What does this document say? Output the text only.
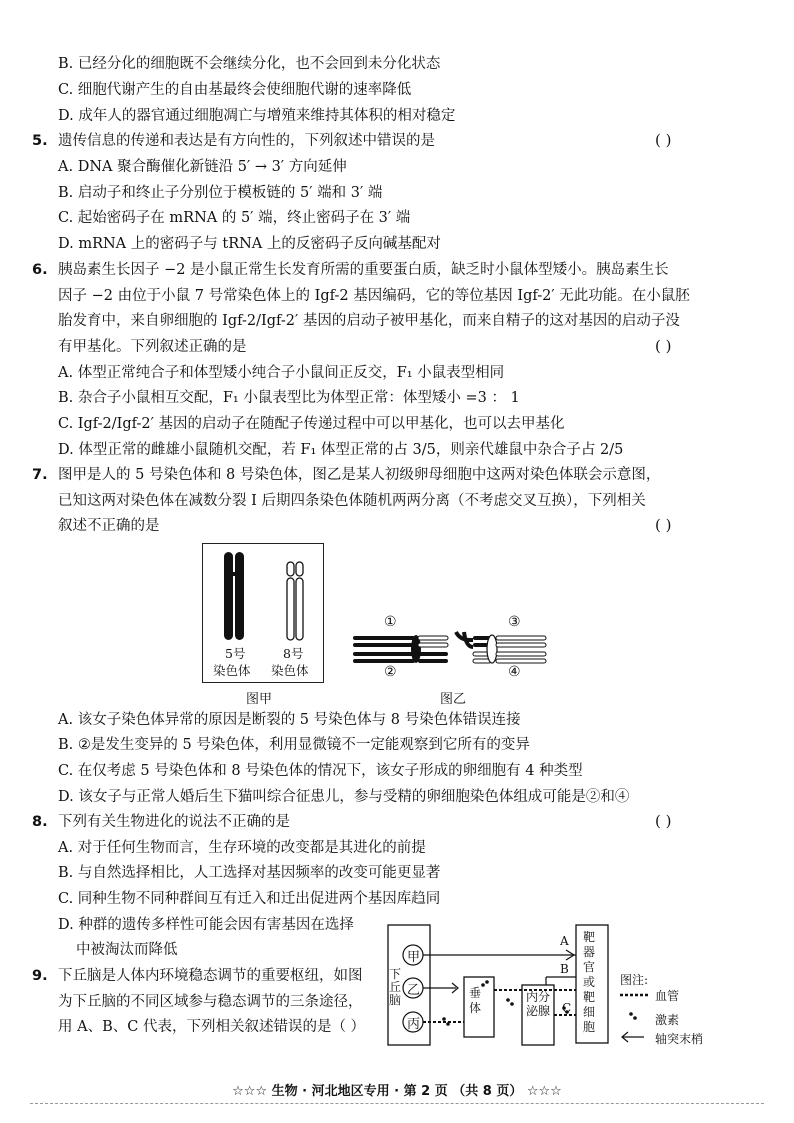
B. 已经分化的细胞既不会继续分化，也不会回到未分化状态
C. 细胞代谢产生的自由基最终会使细胞代谢的速率降低
D. 成年人的器官通过细胞凋亡与增殖来维持其体积的相对稳定
5. 遗传信息的传递和表达是有方向性的，下列叙述中错误的是	( )
A. DNA 聚合酶催化新链沿 5′ → 3′ 方向延伸
B. 启动子和终止子分别位于模板链的 5′ 端和 3′ 端
C. 起始密码子在 mRNA 的 5′ 端，终止密码子在 3′ 端
D. mRNA 上的密码子与 tRNA 上的反密码子反向碱基配对
6. 胰岛素生长因子 −2 是小鼠正常生长发育所需的重要蛋白质，缺乏时小鼠体型矮小。胰岛素生长
因子 −2 由位于小鼠 7 号常染色体上的 Igf-2 基因编码，它的等位基因 Igf-2′ 无此功能。在小鼠胚
胎发育中，来自卵细胞的 Igf-2/Igf-2′ 基因的启动子被甲基化，而来自精子的这对基因的启动子没
有甲基化。下列叙述正确的是	( )
A. 体型正常纯合子和体型矮小纯合子小鼠间正反交，F₁ 小鼠表型相同
B. 杂合子小鼠相互交配，F₁ 小鼠表型比为体型正常：体型矮小 =3 ： 1
C. Igf-2/Igf-2′ 基因的启动子在随配子传递过程中可以甲基化，也可以去甲基化
D. 体型正常的雌雄小鼠随机交配，若 F₁ 体型正常的占 3/5，则亲代雄鼠中杂合子占 2/5
7. 图甲是人的 5 号染色体和 8 号染色体，图乙是某人初级卵母细胞中这两对染色体联会示意图，
已知这两对染色体在减数分裂 Ⅰ 后期四条染色体随机两两分离（不考虑交叉互换），下列相关
叙述不正确的是	( )
5号
染色体
8号
染色体
图甲
①
②
③
④
图乙
A. 该女子染色体异常的原因是断裂的 5 号染色体与 8 号染色体错误连接
B. ②是发生变异的 5 号染色体，利用显微镜不一定能观察到它所有的变异
C. 在仅考虑 5 号染色体和 8 号染色体的情况下，该女子形成的卵细胞有 4 种类型
D. 该女子与正常人婚后生下猫叫综合征患儿，参与受精的卵细胞染色体组成可能是②和④
8. 下列有关生物进化的说法不正确的是	( )
A. 对于任何生物而言，生存环境的改变都是其进化的前提
B. 与自然选择相比，人工选择对基因频率的改变可能更显著
C. 同种生物不同种群间互有迁入和迁出促进两个基因库趋同
D. 种群的遗传多样性可能会因有害基因在选择
中被淘汰而降低
9. 下丘脑是人体内环境稳态调节的重要枢纽，如图
为下丘脑的不同区域参与稳态调节的三条途径，
用 A、B、C 代表，下列相关叙述错误的是（ ）
甲
乙
丙
下丘脑	垂体
内分泌腺
靶器官或靶细胞
A
B
C
图注:
血管
激素
轴突末梢
☆☆☆ 生物 · 河北地区专用 · 第 2 页 （共 8 页） ☆☆☆
